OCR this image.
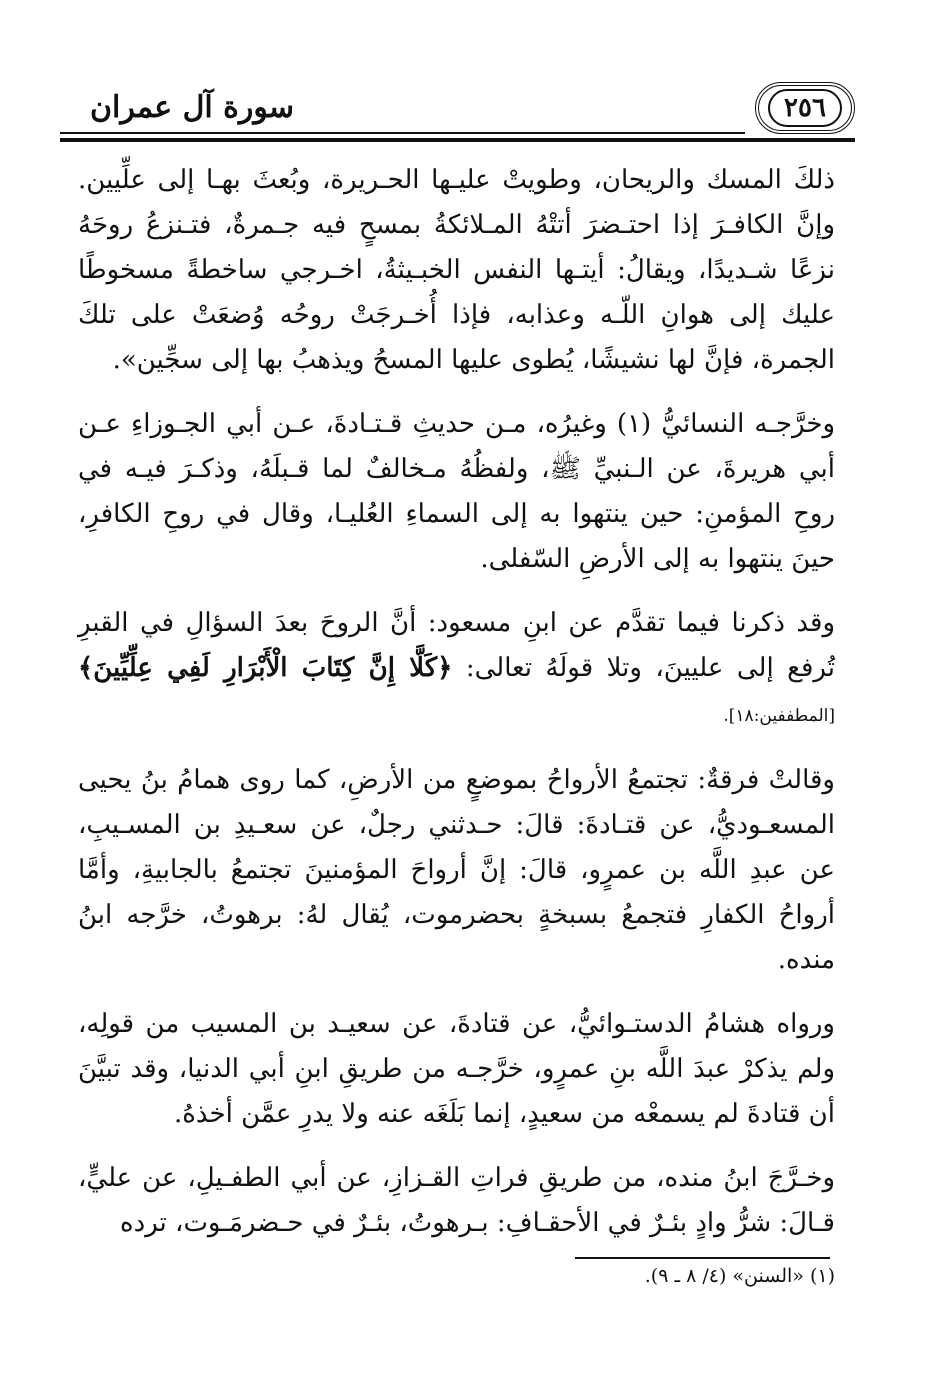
٢٥٦
سورة آل عمران

ذلكَ المسك والريحان، وطويتْ عليـها الحـريرة، وبُعثَ بهـا إلى علِّيين. وإنَّ الكافـرَ إذا احتـضرَ أتتْهُ المـلائكةُ بمسحٍ فيه جـمرةٌ، فتـنزعُ روحَهُ نزعًا شـديدًا، ويقالُ: أيتـها النفس الخبـيثةُ، اخـرجي ساخطةً مسخوطًا عليك إلى هوانِ اللّـه وعذابه، فإذا أُخـرجَتْ روحُه وُضعَتْ على تلكَ الجمرة، فإنَّ لها نشيشًا، يُطوى عليها المسحُ ويذهبُ بها إلى سجِّين».

وخرَّجـه النسائيُّ (١) وغيرُه، مـن حديثِ قـتـادةَ، عـن أبي الجـوزاءِ عـن أبي هريرةَ، عن الـنبيِّ ﷺ، ولفظُهُ مـخالفٌ لما قـبلَهُ، وذكـرَ فيـه في روحِ المؤمنِ: حين ينتهوا به إلى السماءِ العُليـا، وقال في روحِ الكافرِ، حينَ ينتهوا به إلى الأرضِ السّفلى.

وقد ذكرنا فيما تقدَّم عن ابنِ مسعود: أنَّ الروحَ بعدَ السؤالِ في القبرِ تُرفع إلى عليينَ، وتلا قولَهُ تعالى: ﴿كَلَّا إِنَّ كِتَابَ الْأَبْرَارِ لَفِي عِلِّيِّينَ﴾ [المطففين:١٨].

وقالتْ فرقةٌ: تجتمعُ الأرواحُ بموضعٍ من الأرضِ، كما روى همامُ بنُ يحيى المسعـوديُّ، عن قتـادةَ: قالَ: حـدثني رجلٌ، عن سعـيدِ بن المسـيبِ، عن عبدِ اللَّه بن عمرٍو، قالَ: إنَّ أرواحَ المؤمنينَ تجتمعُ بالجابيةِ، وأمَّا أرواحُ الكفارِ فتجمعُ بسبخةٍ بحضرموت، يُقال لهُ: برهوتُ، خرَّجه ابنُ منده.

ورواه هشامُ الدستـوائيُّ، عن قتادةَ، عن سعيـد بن المسيب من قولِه، ولم يذكرْ عبدَ اللَّه بنِ عمرٍو، خرَّجـه من طريقِ ابنِ أبي الدنيا، وقد تبيَّنَ أن قتادةَ لم يسمعْه من سعيدٍ، إنما بَلَغَه عنه ولا يدرِ عمَّن أخذهُ.

وخـرَّجَ ابنُ منده، من طريقِ فراتِ القـزازِ، عن أبي الطفـيلِ، عن عليٍّ، قـالَ: شرُّ وادٍ بئـرٌ في الأحقـافِ: بـرهوتُ، بئـرٌ في حـضرمَـوت، ترده

(١) «السنن» (٤/ ٨ ـ ٩).
